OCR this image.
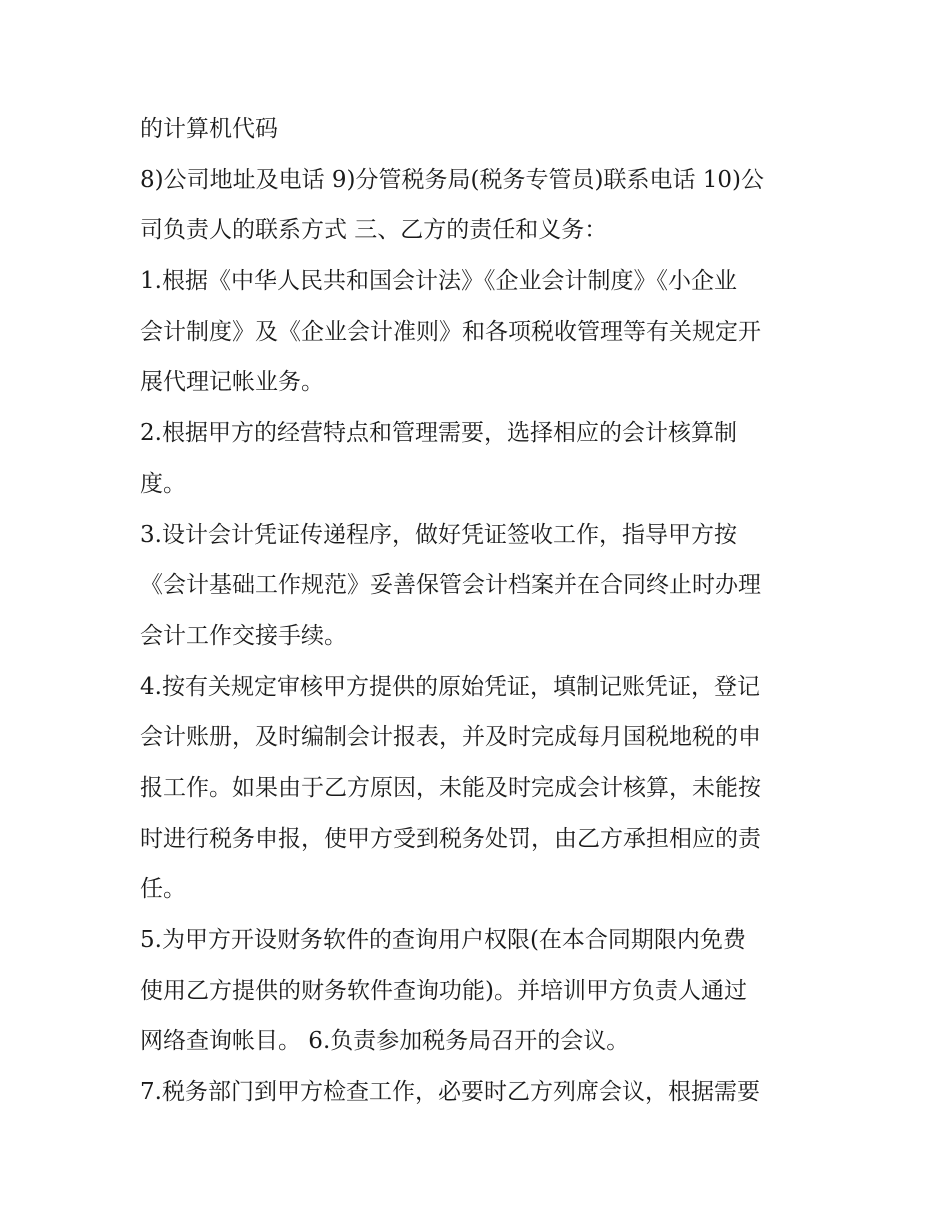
的计算机代码
8)公司地址及电话 9)分管税务局(税务专管员)联系电话 10)公
司负责人的联系方式 三、乙方的责任和义务：
1.根据《中华人民共和国会计法》《企业会计制度》《小企业
会计制度》及《企业会计准则》和各项税收管理等有关规定开
展代理记帐业务。
2.根据甲方的经营特点和管理需要，选择相应的会计核算制
度。
3.设计会计凭证传递程序，做好凭证签收工作，指导甲方按
《会计基础工作规范》妥善保管会计档案并在合同终止时办理
会计工作交接手续。
4.按有关规定审核甲方提供的原始凭证，填制记账凭证，登记
会计账册，及时编制会计报表，并及时完成每月国税地税的申
报工作。如果由于乙方原因，未能及时完成会计核算，未能按
时进行税务申报，使甲方受到税务处罚，由乙方承担相应的责
任。
5.为甲方开设财务软件的查询用户权限(在本合同期限内免费
使用乙方提供的财务软件查询功能)。并培训甲方负责人通过
网络查询帐目。 6.负责参加税务局召开的会议。
7.税务部门到甲方检查工作，必要时乙方列席会议，根据需要
